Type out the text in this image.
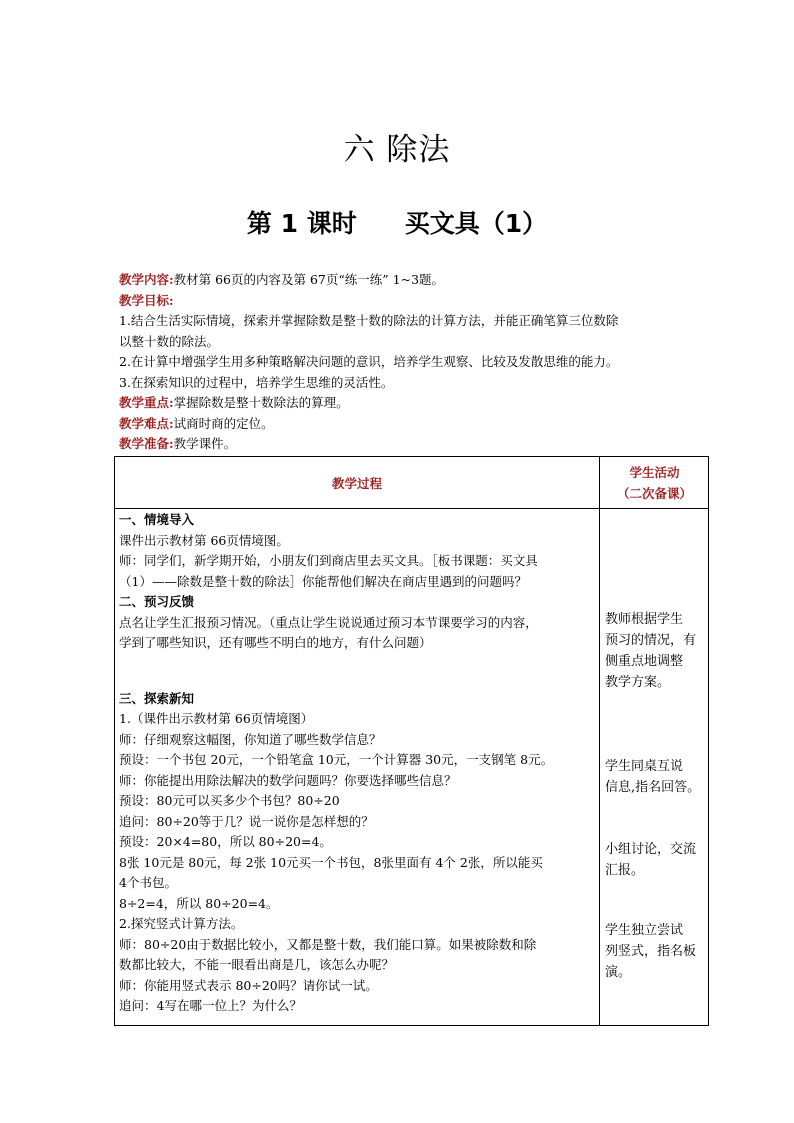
六 除法
第 1 课时 买文具（1）
教学内容:教材第 66页的内容及第 67页“练一练” 1~3题。
教学目标:
1.结合生活实际情境，探索并掌握除数是整十数的除法的计算方法，并能正确笔算三位数除
以整十数的除法。
2.在计算中增强学生用多种策略解决问题的意识，培养学生观察、比较及发散思维的能力。
3.在探索知识的过程中，培养学生思维的灵活性。
教学重点:掌握除数是整十数除法的算理。
教学难点:试商时商的定位。
教学准备:教学课件。
教学过程
学生活动
（二次备课）
一、情境导入
课件出示教材第 66页情境图。
师：同学们，新学期开始，小朋友们到商店里去买文具。［板书课题：买文具
（1）——除数是整十数的除法］你能帮他们解决在商店里遇到的问题吗？
二、预习反馈
点名让学生汇报预习情况。（重点让学生说说通过预习本节课要学习的内容，
学到了哪些知识，还有哪些不明白的地方，有什么问题）
三、探索新知
1.（课件出示教材第 66页情境图）
师：仔细观察这幅图，你知道了哪些数学信息？
预设：一个书包 20元，一个铅笔盒 10元，一个计算器 30元，一支钢笔 8元。
师：你能提出用除法解决的数学问题吗？你要选择哪些信息？
预设：80元可以买多少个书包？80÷20
追问：80÷20等于几？说一说你是怎样想的？
预设：20×4=80，所以 80÷20=4。
8张 10元是 80元，每 2张 10元买一个书包，8张里面有 4个 2张，所以能买
4个书包。
8÷2=4，所以 80÷20=4。
2.探究竖式计算方法。
师：80÷20由于数据比较小，又都是整十数，我们能口算。如果被除数和除
数都比较大，不能一眼看出商是几，该怎么办呢？
师：你能用竖式表示 80÷20吗？请你试一试。
追问：4写在哪一位上？为什么？
教师根据学生
预习的情况，有
侧重点地调整
教学方案。
学生同桌互说
信息,指名回答。
小组讨论，交流
汇报。
学生独立尝试
列竖式，指名板
演。
